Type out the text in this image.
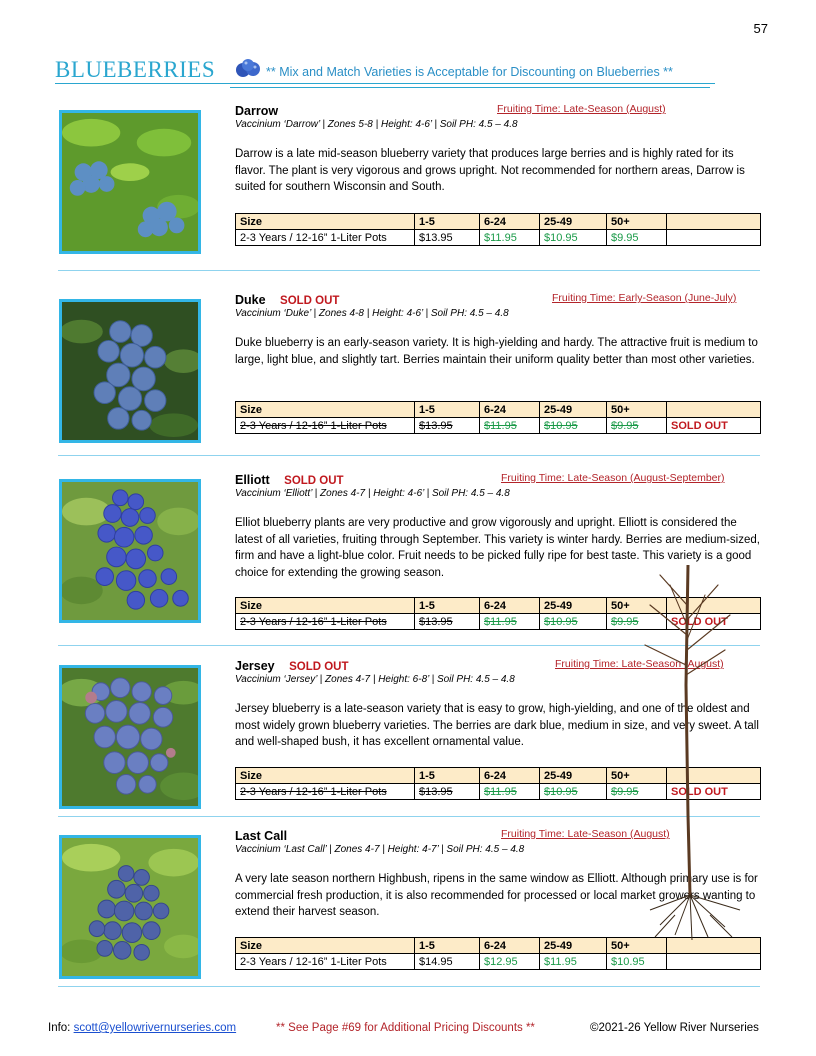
57
BLUEBERRIES	** Mix and Match Varieties is Acceptable for Discounting on Blueberries **
Darrow	Fruiting Time: Late-Season (August)
Vaccinium ‘Darrow’ | Zones 5-8 | Height: 4-6’ | Soil PH: 4.5 – 4.8
Darrow is a late mid-season blueberry variety that produces large berries and is highly rated for its flavor. The plant is very vigorous and grows upright. Not recommended for northern areas, Darrow is suited for southern Wisconsin and South.
Size	1-5	6-24	25-49	50+	
2-3 Years / 12-16” 1-Liter Pots	$13.95	$11.95	$10.95	$9.95	
Duke SOLD OUT	Fruiting Time: Early-Season (June-July)
Vaccinium ‘Duke’ | Zones 4-8 | Height: 4-6’ | Soil PH: 4.5 – 4.8
Duke blueberry is an early-season variety. It is high-yielding and hardy. The attractive fruit is medium to large, light blue, and slightly tart. Berries maintain their uniform quality better than most other varieties.
Size	1-5	6-24	25-49	50+	
2-3 Years / 12-16” 1-Liter Pots	$13.95	$11.95	$10.95	$9.95	SOLD OUT
Elliott SOLD OUT	Fruiting Time: Late-Season (August-September)
Vaccinium ‘Elliott’ | Zones 4-7 | Height: 4-6’ | Soil PH: 4.5 – 4.8
Elliot blueberry plants are very productive and grow vigorously and upright. Elliott is considered the latest of all varieties, fruiting through September. This variety is winter hardy. Berries are medium-sized, firm and have a light-blue color. Fruit needs to be picked fully ripe for best taste. This variety is a good choice for extending the growing season.
Size	1-5	6-24	25-49	50+	
2-3 Years / 12-16” 1-Liter Pots	$13.95	$11.95	$10.95	$9.95	SOLD OUT
Jersey SOLD OUT	Fruiting Time: Late-Season (August)
Vaccinium ‘Jersey’ | Zones 4-7 | Height: 6-8’ | Soil PH: 4.5 – 4.8
Jersey blueberry is a late-season variety that is easy to grow, high-yielding, and one of the oldest and most widely grown blueberry varieties. The berries are dark blue, medium in size, and very sweet. A tall and well-shaped bush, it has excellent ornamental value.
Size	1-5	6-24	25-49	50+	
2-3 Years / 12-16” 1-Liter Pots	$13.95	$11.95	$10.95	$9.95	SOLD OUT
Last Call	Fruiting Time: Late-Season (August)
Vaccinium ‘Last Call’ | Zones 4-7 | Height: 4-7’ | Soil PH: 4.5 – 4.8
A very late season northern Highbush, ripens in the same window as Elliott. Although primary use is for commercial fresh production, it is also recommended for processed or local market growers wanting to extend their harvest season.
Size	1-5	6-24	25-49	50+	
2-3 Years / 12-16” 1-Liter Pots	$14.95	$12.95	$11.95	$10.95	
Info: scott@yellowrivernurseries.com	** See Page #69 for Additional Pricing Discounts **	©2021-26 Yellow River Nurseries
